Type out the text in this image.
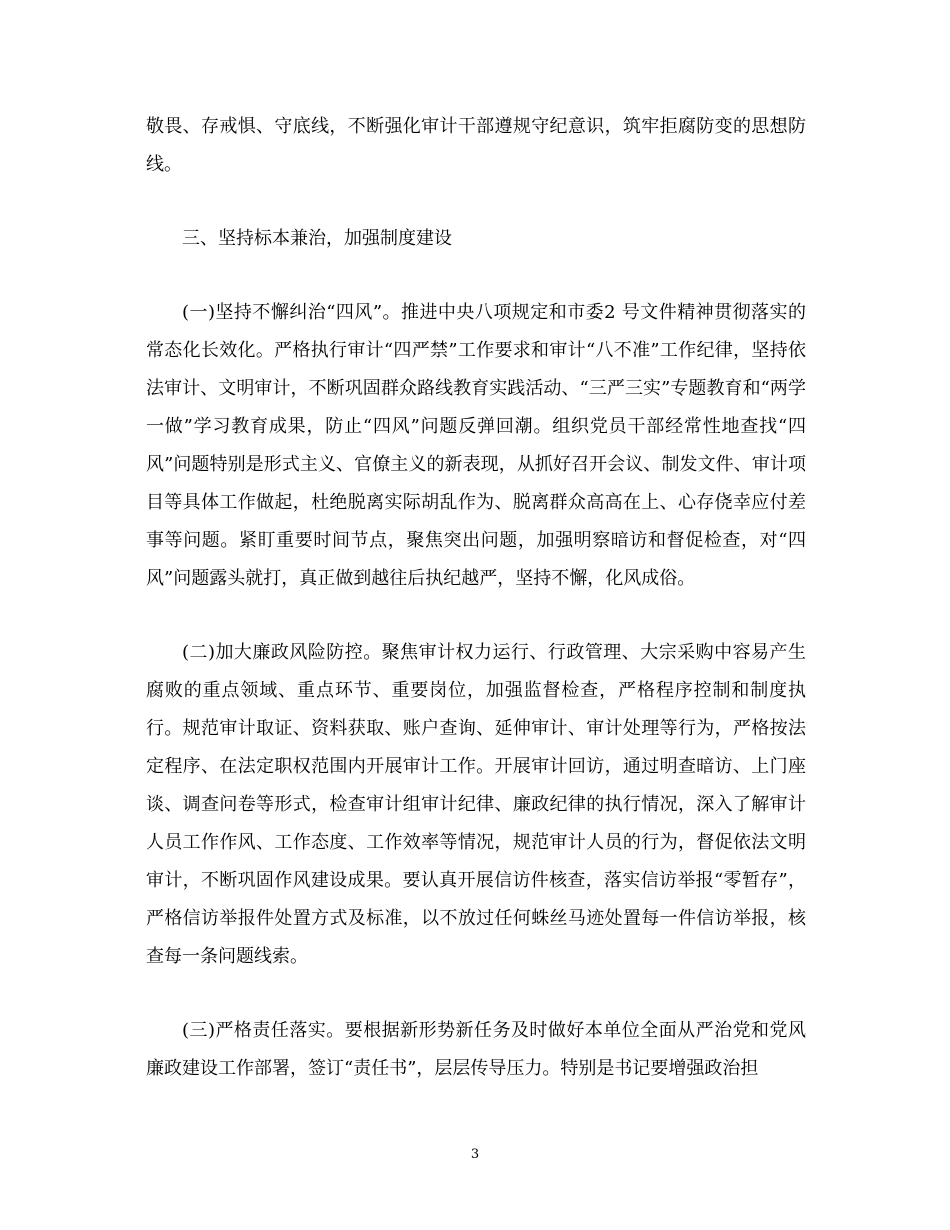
敬畏、存戒惧、守底线，不断强化审计干部遵规守纪意识，筑牢拒腐防变的思想防线。

三、坚持标本兼治，加强制度建设

(一)坚持不懈纠治“四风”。推进中央八项规定和市委2 号文件精神贯彻落实的常态化长效化。严格执行审计“四严禁”工作要求和审计“八不准”工作纪律，坚持依法审计、文明审计，不断巩固群众路线教育实践活动、“三严三实”专题教育和“两学一做”学习教育成果，防止“四风”问题反弹回潮。组织党员干部经常性地查找“四风”问题特别是形式主义、官僚主义的新表现，从抓好召开会议、制发文件、审计项目等具体工作做起，杜绝脱离实际胡乱作为、脱离群众高高在上、心存侥幸应付差事等问题。紧盯重要时间节点，聚焦突出问题，加强明察暗访和督促检查，对“四风”问题露头就打，真正做到越往后执纪越严，坚持不懈，化风成俗。

(二)加大廉政风险防控。聚焦审计权力运行、行政管理、大宗采购中容易产生腐败的重点领域、重点环节、重要岗位，加强监督检查，严格程序控制和制度执行。规范审计取证、资料获取、账户查询、延伸审计、审计处理等行为，严格按法定程序、在法定职权范围内开展审计工作。开展审计回访，通过明查暗访、上门座谈、调查问卷等形式，检查审计组审计纪律、廉政纪律的执行情况，深入了解审计人员工作作风、工作态度、工作效率等情况，规范审计人员的行为，督促依法文明审计，不断巩固作风建设成果。要认真开展信访件核查，落实信访举报“零暂存”，严格信访举报件处置方式及标准，以不放过任何蛛丝马迹处置每一件信访举报，核查每一条问题线索。

(三)严格责任落实。要根据新形势新任务及时做好本单位全面从严治党和党风廉政建设工作部署，签订“责任书”，层层传导压力。特别是书记要增强政治担

3
